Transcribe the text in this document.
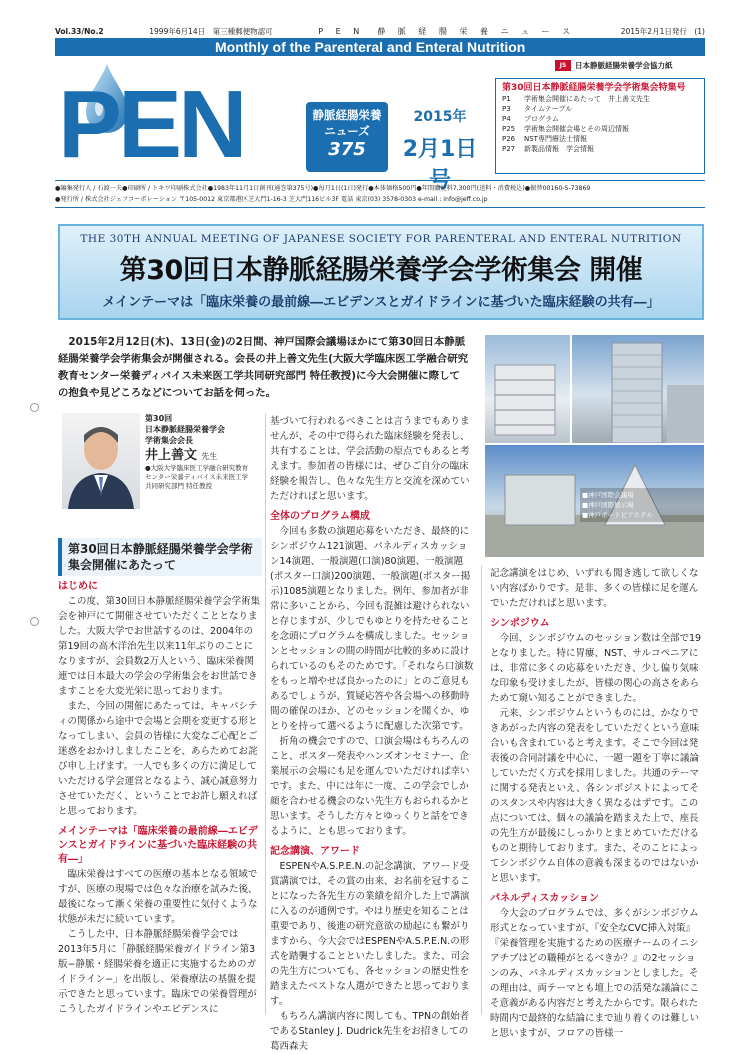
Vol.33/No.2	1999年6月14日　第三種郵便物認可	P E N　静 脈 経 腸 栄 養 ニ ュ ー ス	2015年2月1日発行　(1)
Monthly of the Parenteral and Enteral Nutrition
JS	日本静脈経腸栄養学会協力紙
PEN	静脈経腸栄養
ニューズ
375
2015年
2月1日号
第30回日本静脈経腸栄養学会学術集会特集号
P1	学術集会開催にあたって　井上善文先生
P3	タイムテーブル
P4	プログラム
P25	学術集会開催会場とその周辺情報
P26	NST専門療法士情報
P27	新製品情報　学会情報
●編集発行人 / 石渡一夫●印刷所 / トキワ印刷株式会社●1983年11月1日創刊(通巻第375号)●毎月1日(1日)発行●本体価格500円●年間購読料7,300円(送料・消費税込)●振替00160-5-73869
●発行所 / 株式会社ジェフコーポレーション 〒105-0012 東京都港区芝大門1-16-3 芝大門116ビル3F 電話 東京(03) 3578-0303 e-mail : info@jeff.co.jp
THE 30TH ANNUAL MEETING OF JAPANESE SOCIETY FOR PARENTERAL AND ENTERAL NUTRITION
第30回日本静脈経腸栄養学会学術集会 開催
メインテーマは「臨床栄養の最前線―エビデンスとガイドラインに基づいた臨床経験の共有―」
2015年2月12日(木)、13日(金)の2日間、神戸国際会議場ほかにて第30回日本静脈経腸栄養学会学術集会が開催される。会長の井上善文先生(大阪大学臨床医工学融合研究教育センター栄養ディバイス未来医工学共同研究部門 特任教授)に今大会開催に際しての抱負や見どころなどについてお話を伺った。
■神戸国際会議場
■神戸国際展示場
■神戸ポートピアホテル
第30回
日本静脈経腸栄養学会
学術集会会長
井上善文 先生
●大阪大学臨床医工学融合研究教育センター栄養ディバイス未来医工学共同研究部門 特任教授
第30回日本静脈経腸栄養学会学術集会開催にあたって
はじめに

この度、第30回日本静脈経腸栄養学会学術集会を神戸にて開催させていただくこととなりました。大阪大学でお世話するのは、2004年の第19回の高木洋治先生以来11年ぶりのことになりますが、会員数2万人という、臨床栄養関連では日本最大の学会の学術集会をお世話できますことを大変光栄に思っております。

また、今回の開催にあたっては、キャパシティの関係から途中で会場と会期を変更する形となってしまい、会員の皆様に大変なご心配とご迷惑をおかけしましたことを、あらためてお詫び申し上げます。一人でも多くの方に満足していただける学会運営となるよう、誠心誠意努力させていただく、ということでお許し願えればと思っております。

メインテーマは「臨床栄養の最前線―エビデンスとガイドラインに基づいた臨床経験の共有―」

臨床栄養はすべての医療の基本となる領域ですが、医療の現場では色々な治療を試みた後、最後になって漸く栄養の重要性に気付くような状態が未だに続いています。

こうした中、日本静脈経腸栄養学会では2013年5月に「静脈経腸栄養ガイドライン第3版−静脈・経腸栄養を適正に実施するためのガイドライン−」を出版し、栄養療法の基盤を提示できたと思っています。臨床での栄養管理がこうしたガイドラインやエビデンスに

基づいて行われるべきことは言うまでもありませんが、その中で得られた臨床経験を発表し、共有することは、学会活動の原点でもあると考えます。参加者の皆様には、ぜひご自分の臨床経験を報告し、色々な先生方と交流を深めていただければと思います。

全体のプログラム構成

今回も多数の演題応募をいただき、最終的にシンポジウム121演題、パネルディスカッション14演題、一般演題(口演)80演題、一般演題(ポスター口演)200演題、一般演題(ポスター掲示)1085演題となりました。例年、参加者が非常に多いことから、今回も混雑は避けられないと存じますが、少しでもゆとりを持たせることを念頭にプログラムを構成しました。セッションとセッションの間の時間が比較的多めに設けられているのもそのためです。「それなら口演数をもっと増やせば良かったのに」とのご意見もあるでしょうが、質疑応答や各会場への移動時間の確保のほか、どのセッションを聞くか、ゆとりを持って選べるように配慮した次第です。

折角の機会ですので、口演会場はもちろんのこと、ポスター発表やハンズオンセミナー、企業展示の会場にも足を運んでいただければ幸いです。また、中には年に一度、この学会でしか顔を合わせる機会のない先生方もおられるかと思います。そうした方々とゆっくりと話をできるように、とも思っております。

記念講演、アワード

ESPENやA.S.P.E.N.の記念講演、アワード受賞講演では、その賞の由来、お名前を冠することになった各先生方の業績を紹介した上で講演に入るのが通例です。やはり歴史を知ることは重要であり、後進の研究意欲の励起にも繋がりますから、今大会ではESPENやA.S.P.E.N.の形式を踏襲することといたしました。また、司会の先生方についても、各セッションの歴史性を踏まえたベストな人選ができたと思っております。

もちろん講演内容に関しても、TPNの創始者であるStanley J. Dudrick先生をお招きしての葛西森夫

記念講演をはじめ、いずれも聞き逃して欲しくない内容ばかりです。是非、多くの皆様に足を運んでいただければと思います。

シンポジウム

今回、シンポジウムのセッション数は全部で19となりました。特に胃瘻、NST、サルコペニアには、非常に多くの応募をいただき、少し偏り気味な印象も受けましたが、皆様の関心の高さをあらためて窺い知ることができました。

元来、シンポジウムというものには、かなりできあがった内容の発表をしていただくという意味合いも含まれていると考えます。そこで今回は発表後の合同討議を中心に、一題一題を丁寧に議論していただく方式を採用しました。共通のテーマに関する発表といえ、各シンポジストによってそのスタンスや内容は大きく異なるはずです。この点については、個々の議論を踏まえた上で、座長の先生方が最後にしっかりとまとめていただけるものと期待しております。また、そのことによってシンポジウム自体の意義も深まるのではないかと思います。

パネルディスカッション

今大会のプログラムでは、多くがシンポジウム形式となっていますが、『安全なCVC挿入対策』『栄養管理を実施するための医療チームのイニシアチブはどの職種がとるべきか？』の2セッションのみ、パネルディスカッションとしました。その理由は、両テーマとも壇上での活発な議論にこそ意義がある内容だと考えたからです。限られた時間内で最終的な結論にまで辿り着くのは難しいと思いますが、フロアの皆様一
